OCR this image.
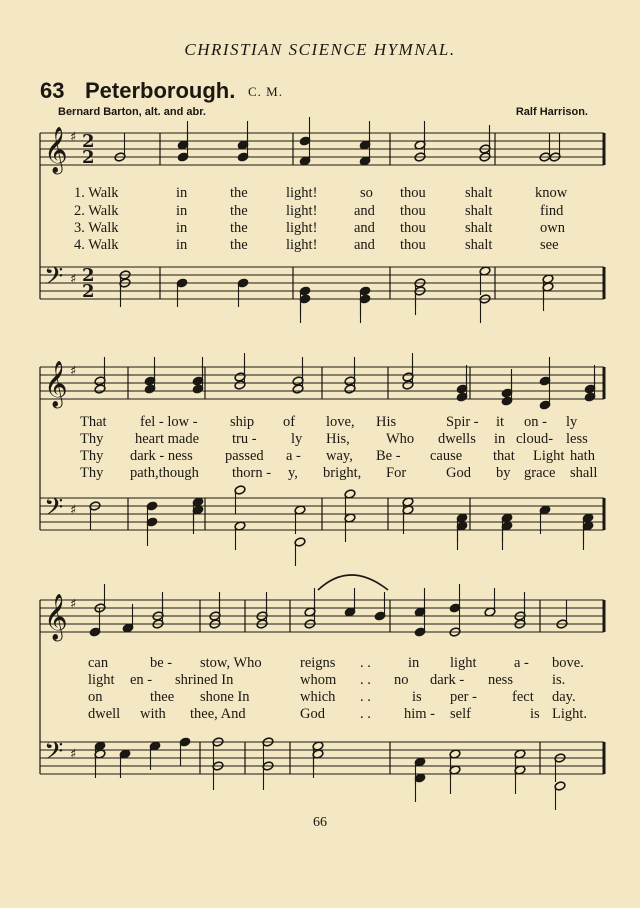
CHRISTIAN SCIENCE HYMNAL.
63 Peterborough. C. M.
Bernard Barton, alt. and abr.	Ralf Harrison.
𝄞
𝄢
♯
♯
𝄞
𝄢
♯
♯
𝄞
𝄢
♯
♯
2
2
2
2
1. Walk	in	the	light!	so thou	shalt	know
2. Walk	in	the	light!	and thou	shalt	find
3. Walk	in	the	light!	and thou	shalt	own
4. Walk	in	the	light!	and thou	shalt	see
That fel - low - ship of love, His	Spir - it on - ly
Thy heart made tru - ly His, Who dwells in cloud- less
Thy dark - ness passed a - way, Be - cause that Light hath
Thy path,though thorn - y, bright, For	God by grace shall
can	be - stow, Who	reigns . .	in light	a - bove.
light en - shrined In	whom . . no dark - ness	is.
on	thee shone In	which . .	is per - fect day.
dwell with thee, And	God . . him - self	is Light.
66
